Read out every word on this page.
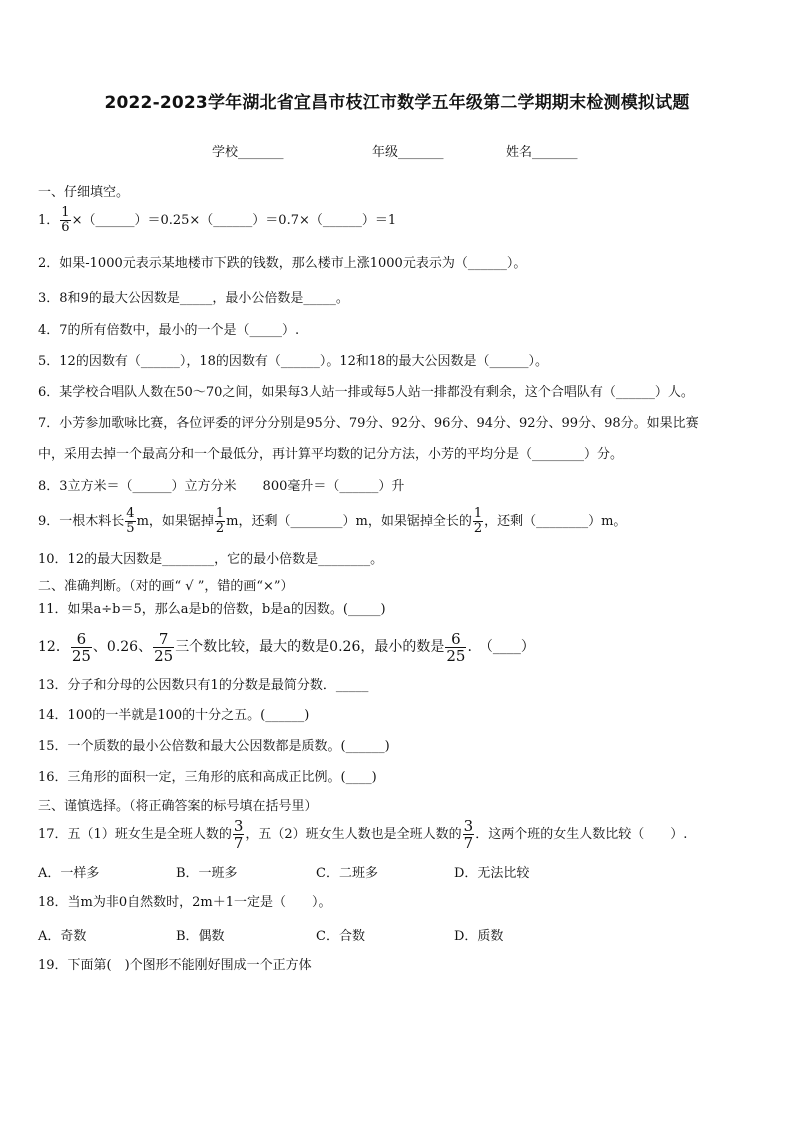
2022-2023学年湖北省宜昌市枝江市数学五年级第二学期期末检测模拟试题
学校_______	年级_______	姓名_______
一、仔细填空。
1． $\frac{1}{6}$ ×（______）＝0.25×（______）＝0.7×（______）＝1
2．如果-1000元表示某地楼市下跌的钱数，那么楼市上涨1000元表示为（______）。
3．8和9的最大公因数是_____，最小公倍数是_____。
4．7的所有倍数中，最小的一个是（_____）.
5．12的因数有（______），18的因数有（______）。12和18的最大公因数是（______）。
6．某学校合唱队人数在50～70之间，如果每3人站一排或每5人站一排都没有剩余，这个合唱队有（______）人。
7．小芳参加歌咏比赛，各位评委的评分分别是95分、79分、92分、96分、94分、92分、99分、98分。如果比赛
中，采用去掉一个最高分和一个最低分，再计算平均数的记分方法，小芳的平均分是（________）分。
8．3立方米＝（______）立方分米　　800毫升＝（______）升
9．一根木料长 $\frac{4}{5}$ m，如果锯掉 $\frac{1}{2}$ m，还剩（________）m，如果锯掉全长的 $\frac{1}{2}$ ，还剩（________）m。
10．12的最大因数是________，它的最小倍数是________。
二、准确判断。（对的画“ √ ”，错的画“×”）
11．如果a÷b＝5，那么a是b的倍数，b是a的因数。(_____)
12． $\frac{6}{25}$ 、0.26、 $\frac{7}{25}$ 三个数比较，最大的数是0.26，最小的数是 $\frac{6}{25}$ .　（____）
13．分子和分母的公因数只有1的分数是最简分数．_____
14．100的一半就是100的十分之五。(______)
15．一个质数的最小公倍数和最大公因数都是质数。(______)
16．三角形的面积一定，三角形的底和高成正比例。(____)
三、谨慎选择。（将正确答案的标号填在括号里）
17．五（1）班女生是全班人数的 $\frac{3}{7}$ ，五（2）班女生人数也是全班人数的 $\frac{3}{7}$ ．这两个班的女生人数比较（　　）.
A．一样多	B．一班多	C．二班多	D．无法比较
18．当m为非0自然数时，2m＋1一定是（　　）。
A．奇数	B．偶数	C．合数	D．质数
19．下面第(　)个图形不能刚好围成一个正方体
